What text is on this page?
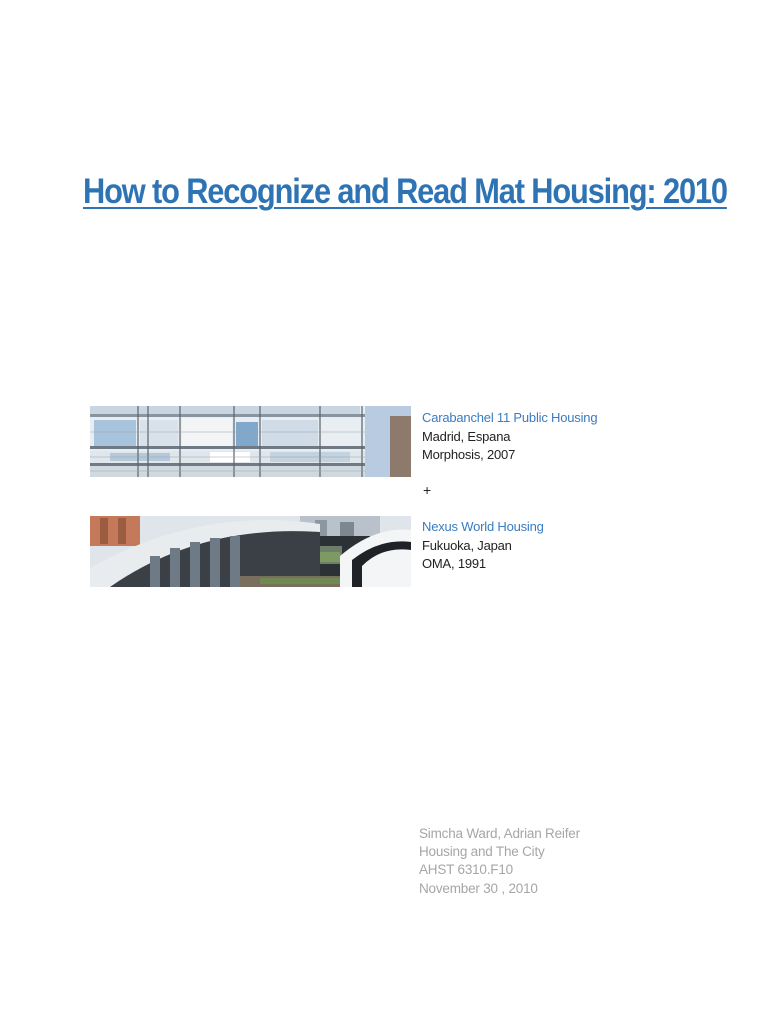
How to Recognize and Read Mat Housing: 2010
Carabanchel 11 Public Housing
Madrid, Espana
Morphosis, 2007
+
Nexus World Housing
Fukuoka, Japan
OMA, 1991
Simcha Ward, Adrian Reifer
Housing and The City
AHST 6310.F10
November 30 , 2010
